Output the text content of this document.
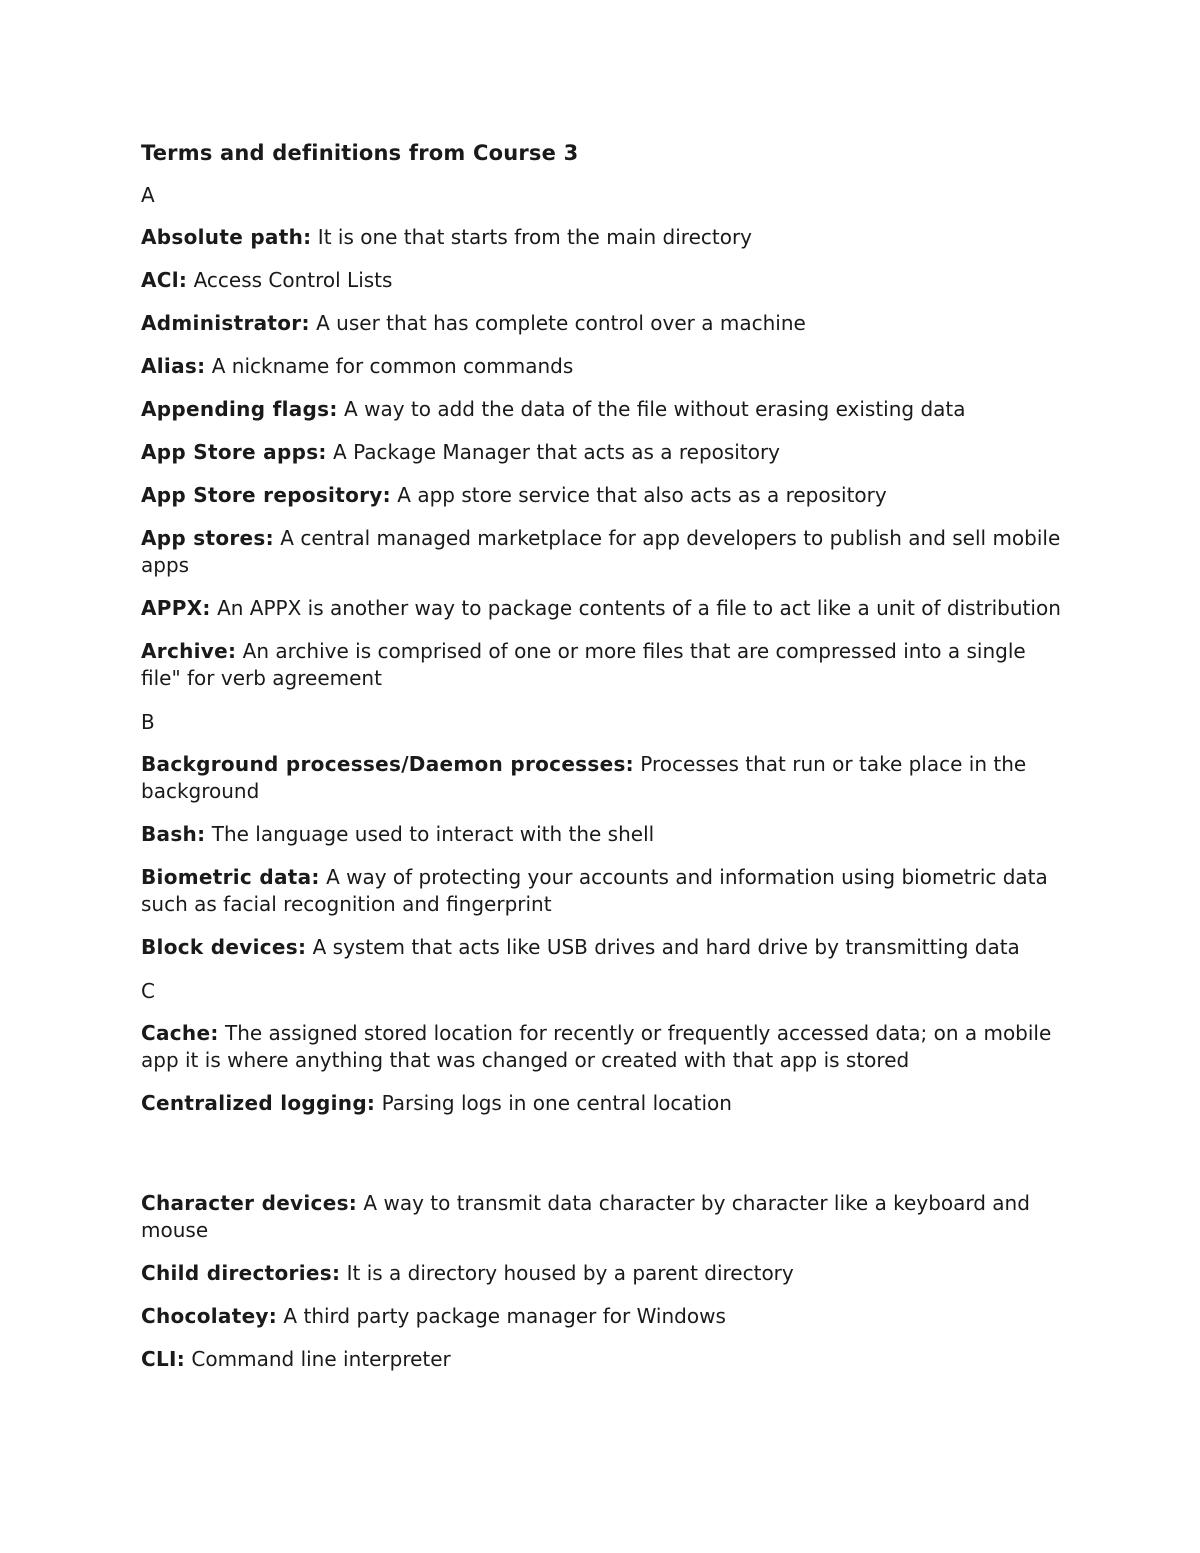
Terms and definitions from Course 3
A
Absolute path: It is one that starts from the main directory
ACl: Access Control Lists
Administrator: A user that has complete control over a machine
Alias: A nickname for common commands
Appending flags: A way to add the data of the file without erasing existing data
App Store apps: A Package Manager that acts as a repository
App Store repository: A app store service that also acts as a repository
App stores: A central managed marketplace for app developers to publish and sell mobile apps
APPX: An APPX is another way to package contents of a file to act like a unit of distribution
Archive: An archive is comprised of one or more files that are compressed into a single file" for verb agreement
B
Background processes/Daemon processes: Processes that run or take place in the background
Bash: The language used to interact with the shell
Biometric data: A way of protecting your accounts and information using biometric data such as facial recognition and fingerprint
Block devices: A system that acts like USB drives and hard drive by transmitting data
C
Cache: The assigned stored location for recently or frequently accessed data; on a mobile app it is where anything that was changed or created with that app is stored
Centralized logging: Parsing logs in one central location
Character devices: A way to transmit data character by character like a keyboard and mouse
Child directories: It is a directory housed by a parent directory
Chocolatey: A third party package manager for Windows
CLI: Command line interpreter
